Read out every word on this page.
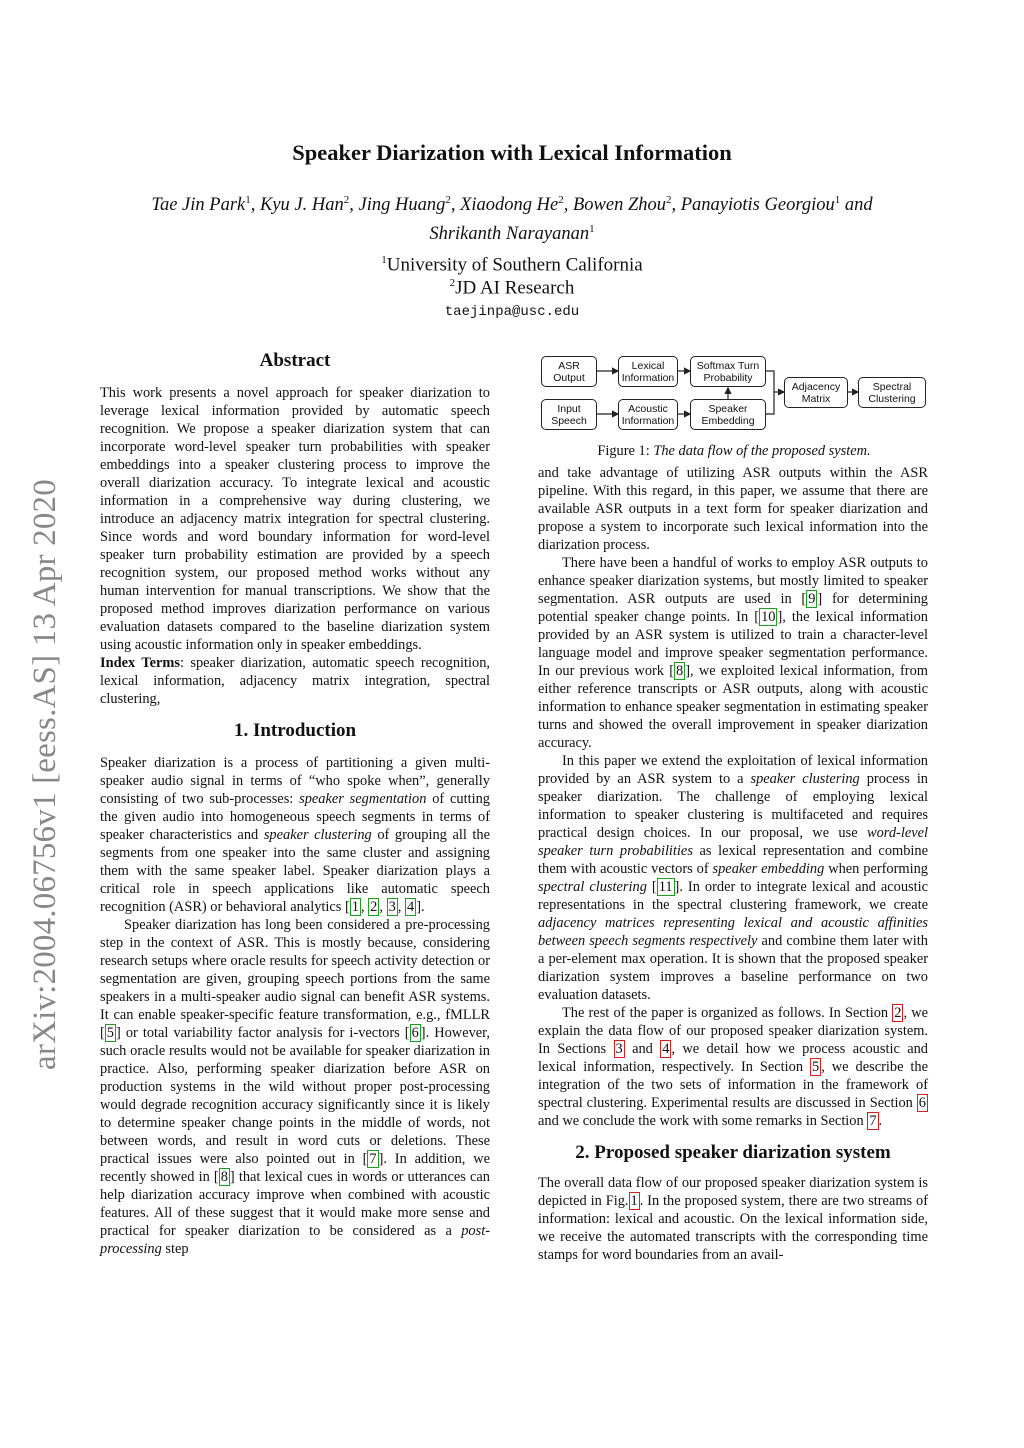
arXiv:2004.06756v1 [eess.AS] 13 Apr 2020
Speaker Diarization with Lexical Information
Tae Jin Park$^1$, Kyu J. Han$^2$, Jing Huang$^2$, Xiaodong He$^2$, Bowen Zhou$^2$, Panayiotis Georgiou$^1$ and
Shrikanth Narayanan$^1$
$^1$University of Southern California
$^2$JD AI Research
taejinpa@usc.edu
Abstract

This work presents a novel approach for speaker diarization to leverage lexical information provided by automatic speech recognition. We propose a speaker diarization system that can incorporate word-level speaker turn probabilities with speaker embeddings into a speaker clustering process to improve the overall diarization accuracy. To integrate lexical and acoustic information in a comprehensive way during clustering, we introduce an adjacency matrix integration for spectral clustering. Since words and word boundary information for word-level speaker turn probability estimation are provided by a speech recognition system, our proposed method works without any human intervention for manual transcriptions. We show that the proposed method improves diarization performance on various evaluation datasets compared to the baseline diarization system using acoustic information only in speaker embeddings.

Index Terms: speaker diarization, automatic speech recognition, lexical information, adjacency matrix integration, spectral clustering,

1. Introduction

Speaker diarization is a process of partitioning a given multi-speaker audio signal in terms of “who spoke when”, generally consisting of two sub-processes: speaker segmentation of cutting the given audio into homogeneous speech segments in terms of speaker characteristics and speaker clustering of grouping all the segments from one speaker into the same cluster and assigning them with the same speaker label. Speaker diarization plays a critical role in speech applications like automatic speech recognition (ASR) or behavioral analytics [ 1 , 2 , 3 , 4 ].

Speaker diarization has long been considered a pre-processing step in the context of ASR. This is mostly because, considering research setups where oracle results for speech activity detection or segmentation are given, grouping speech portions from the same speakers in a multi-speaker audio signal can benefit ASR systems. It can enable speaker-specific feature transformation, e.g., fMLLR [ 5 ] or total variability factor analysis for i-vectors [ 6 ]. However, such oracle results would not be available for speaker diarization in practice. Also, performing speaker diarization before ASR on production systems in the wild without proper post-processing would degrade recognition accuracy significantly since it is likely to determine speaker change points in the middle of words, not between words, and result in word cuts or deletions. These practical issues were also pointed out in [ 7 ]. In addition, we recently showed in [ 8 ] that lexical cues in words or utterances can help diarization accuracy improve when combined with acoustic features. All of these suggest that it would make more sense and practical for speaker diarization to be considered as a post-processing step

ASR Output
Lexical Information
Softmax Turn Probability
Input Speech
Acoustic Information
Speaker Embedding
Adjacency Matrix
Spectral Clustering
Figure 1: The data flow of the proposed system.

and take advantage of utilizing ASR outputs within the ASR pipeline. With this regard, in this paper, we assume that there are available ASR outputs in a text form for speaker diarization and propose a system to incorporate such lexical information into the diarization process.

There have been a handful of works to employ ASR outputs to enhance speaker diarization systems, but mostly limited to speaker segmentation. ASR outputs are used in [ 9 ] for determining potential speaker change points. In [ 10 ], the lexical information provided by an ASR system is utilized to train a character-level language model and improve speaker segmentation performance. In our previous work [ 8 ], we exploited lexical information, from either reference transcripts or ASR outputs, along with acoustic information to enhance speaker segmentation in estimating speaker turns and showed the overall improvement in speaker diarization accuracy.

In this paper we extend the exploitation of lexical information provided by an ASR system to a speaker clustering process in speaker diarization. The challenge of employing lexical information to speaker clustering is multifaceted and requires practical design choices. In our proposal, we use word-level speaker turn probabilities as lexical representation and combine them with acoustic vectors of speaker embedding when performing spectral clustering [ 11 ]. In order to integrate lexical and acoustic representations in the spectral clustering framework, we create adjacency matrices representing lexical and acoustic affinities between speech segments respectively and combine them later with a per-element max operation. It is shown that the proposed speaker diarization system improves a baseline performance on two evaluation datasets.

The rest of the paper is organized as follows. In Section 2 , we explain the data flow of our proposed speaker diarization system. In Sections 3 and 4 , we detail how we process acoustic and lexical information, respectively. In Section 5 , we describe the integration of the two sets of information in the framework of spectral clustering. Experimental results are discussed in Section 6 and we conclude the work with some remarks in Section 7 .

2. Proposed speaker diarization system

The overall data flow of our proposed speaker diarization system is depicted in Fig. 1 . In the proposed system, there are two streams of information: lexical and acoustic. On the lexical information side, we receive the automated transcripts with the corresponding time stamps for word boundaries from an avail-
